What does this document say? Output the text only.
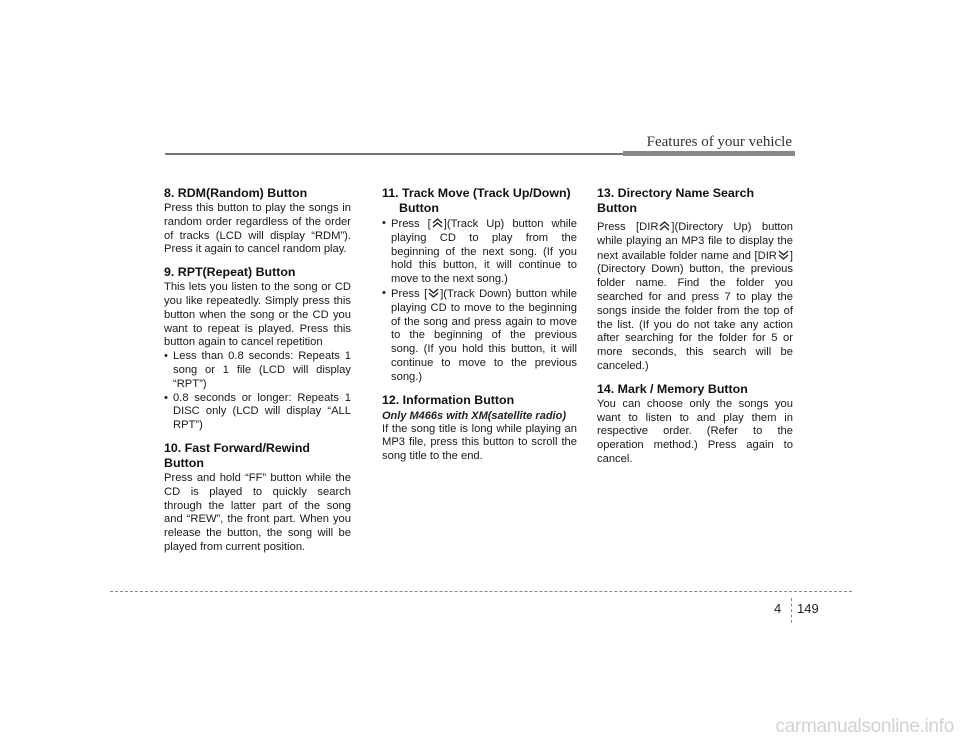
Features of your vehicle
8. RDM(Random) Button

Press this button to play the songs in random order regardless of the order of tracks (LCD will display “RDM”). Press it again to cancel random play.

9. RPT(Repeat) Button

This lets you listen to the song or CD you like repeatedly. Simply press this button when the song or the CD you want to repeat is played. Press this button again to cancel repetition

• Less than 0.8 seconds: Repeats 1 song or 1 file (LCD will display “RPT”)
• 0.8 seconds or longer: Repeats 1 DISC only (LCD will display “ALL RPT”)
10. Fast Forward/Rewind Button

Press and hold “FF” button while the CD is played to quickly search through the latter part of the song and “REW”, the front part. When you release the button, the song will be played from current position.

11. Track Move (Track Up/Down) Button
• Press [ ](Track Up) button while playing CD to play from the beginning of the next song. (If you hold this button, it will continue to move to the next song.)
• Press [ ](Track Down) button while playing CD to move to the beginning of the song and press again to move to the beginning of the previous song. (If you hold this button, it will continue to move to the previous song.)
12. Information Button

Only M466s with XM(satellite radio)

If the song title is long while playing an MP3 file, press this button to scroll the song title to the end.

13. Directory Name Search Button

Press [DIR ](Directory Up) button while playing an MP3 file to display the next available folder name and [DIR ] (Directory Down) button, the previous folder name. Find the folder you searched for and press 7 to play the songs inside the folder from the top of the list. (If you do not take any action after searching for the folder for 5 or more seconds, this search will be canceled.)

14. Mark / Memory Button

You can choose only the songs you want to listen to and play them in respective order. (Refer to the operation method.) Press again to cancel.

4 149
carmanualsonline.info
